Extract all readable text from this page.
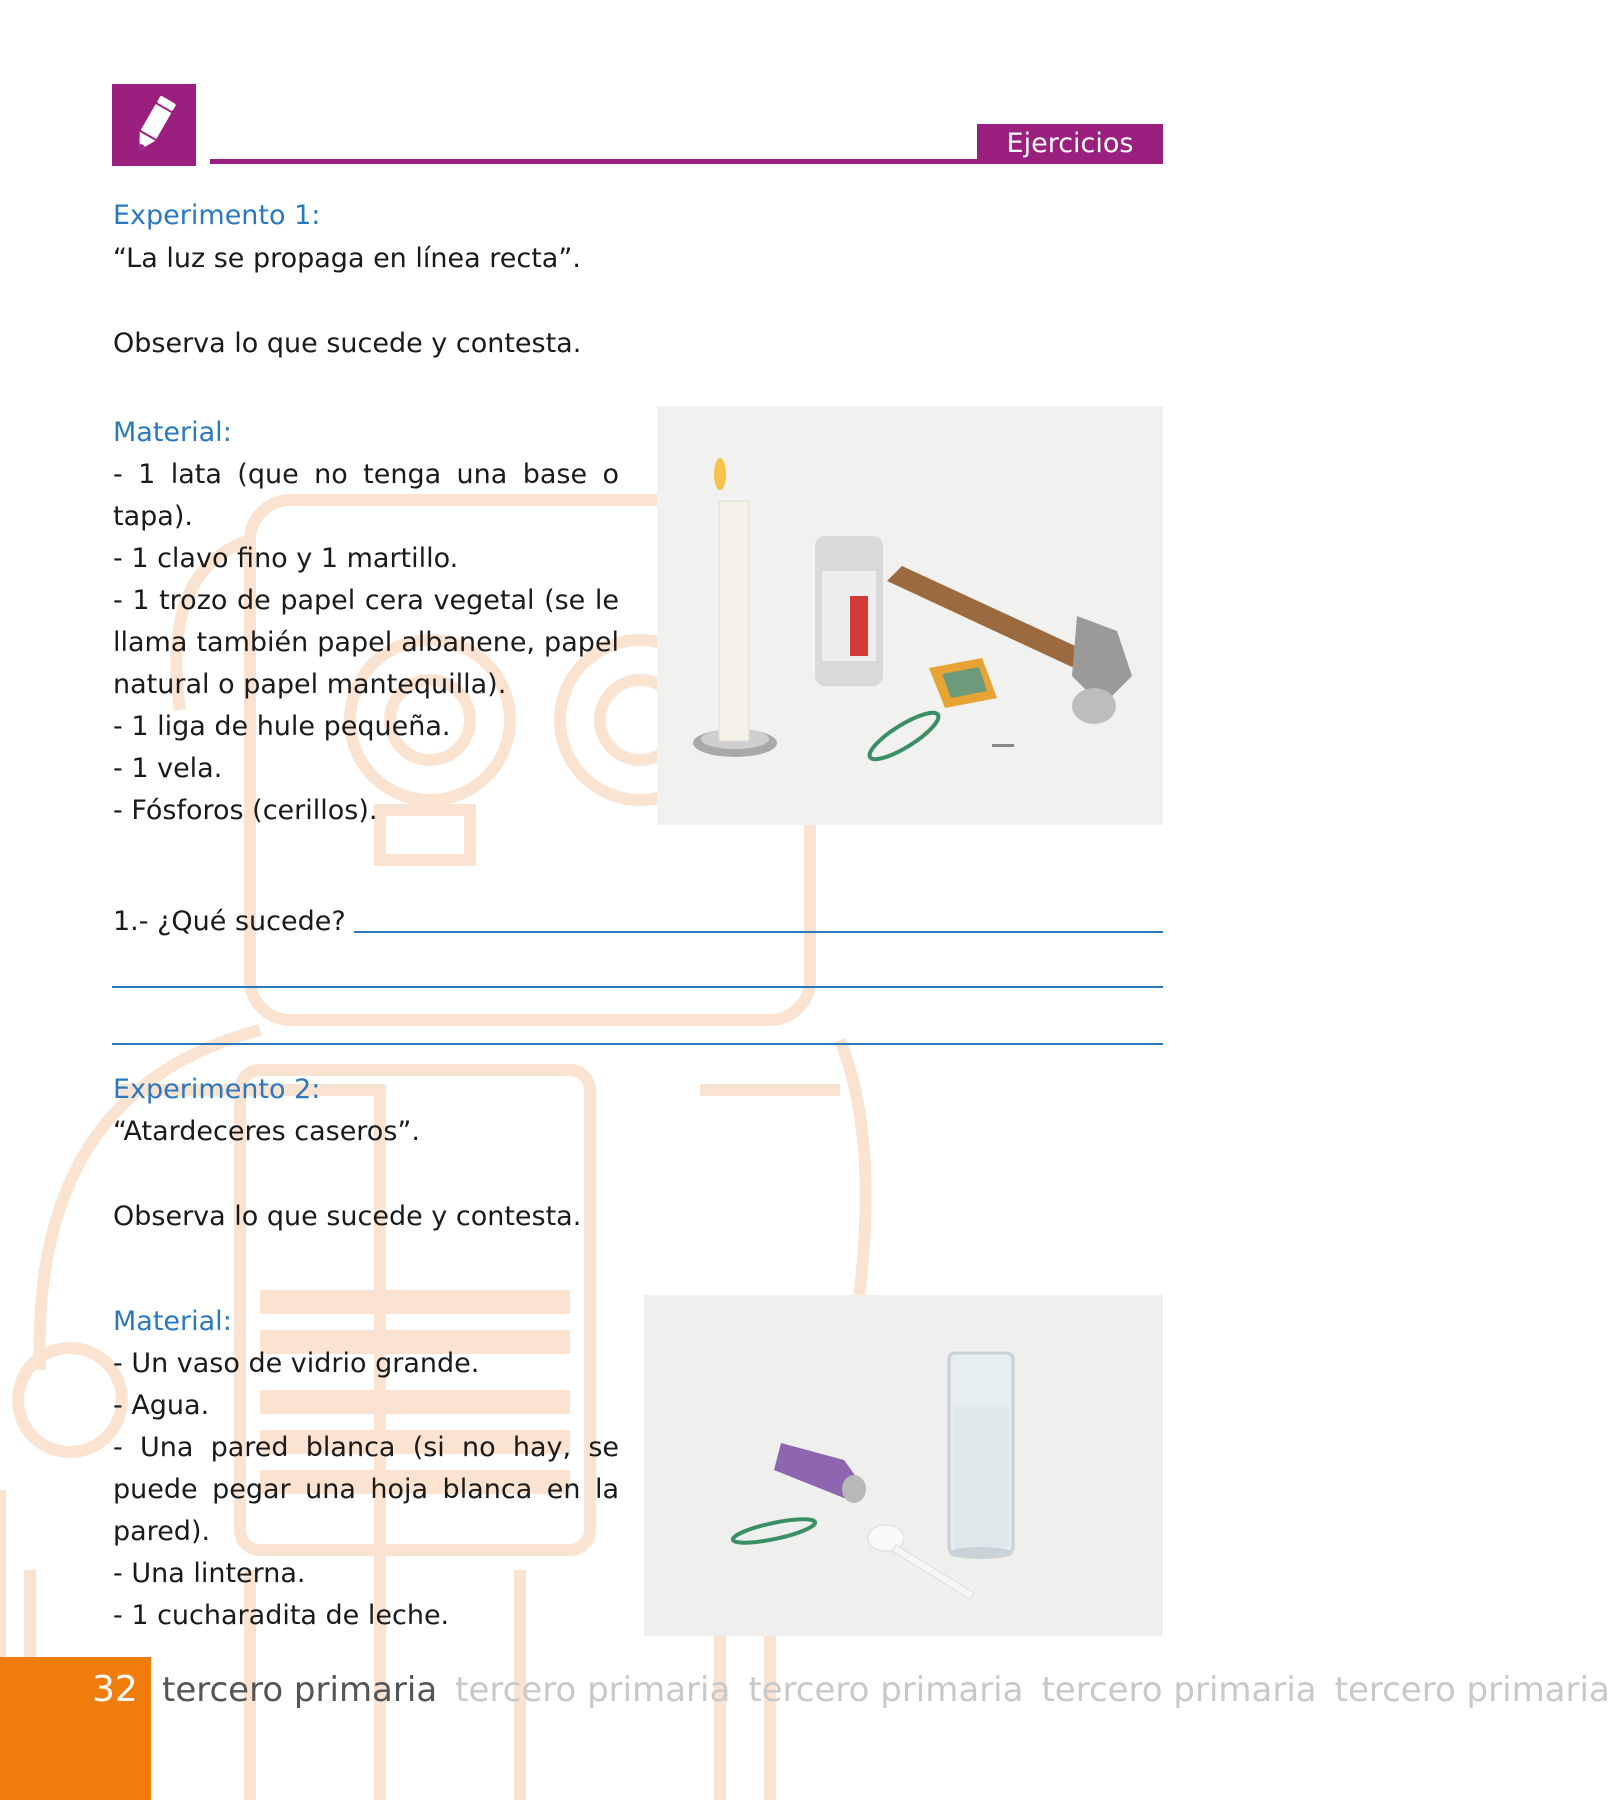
Ejercicios
Experimento 1:
“La luz se propaga en línea recta”.
Observa lo que sucede y contesta.
Material:
- 1 lata (que no tenga una base o tapa).
- 1 clavo fino y 1 martillo.
- 1 trozo de papel cera vegetal (se le llama también papel albanene, papel natural o papel mantequilla).
- 1 liga de hule pequeña.
- 1 vela.
- Fósforos (cerillos).
1.- ¿Qué sucede?
Experimento 2:
“Atardeceres caseros”.
Observa lo que sucede y contesta.
Material:
- Un vaso de vidrio grande.
- Agua.
- Una pared blanca (si no hay, se puede pegar una hoja blanca en la pared).
- Una linterna.
- 1 cucharadita de leche.
32 tercero primaria tercero primaria tercero primaria tercero primaria tercero primaria
